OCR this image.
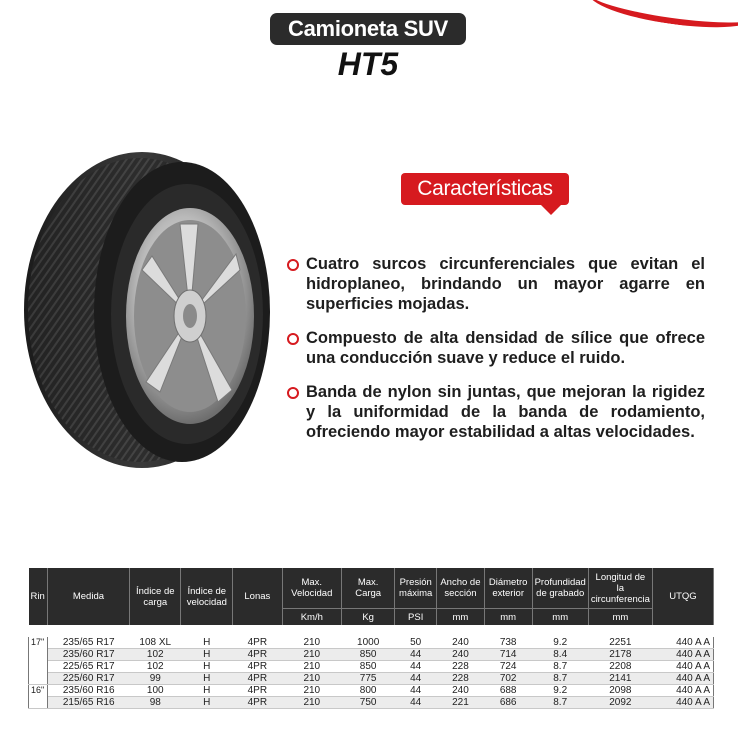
Camioneta SUV
HT5
Características
Cuatro surcos circunferenciales que evitan el hidroplaneo, brindando un mayor agarre en superficies mojadas.
Compuesto de alta densidad de sílice que ofrece una conducción suave y reduce el ruido.
Banda de nylon sin juntas, que mejoran la rigidez y la uniformidad de la banda de rodamiento, ofreciendo mayor estabilidad a altas velocidades.
Rin	Medida	Índice de carga	Índice de velocidad	Lonas	Max. Velocidad	Max. Carga	Presión máxima	Ancho de sección	Diámetro exterior	Profundidad de grabado	Longitud de la circunferencia	UTQG
					Km/h	Kg	PSI	mm	mm	mm	mm	

17"	235/65 R17	108 XL	H	4PR	210	1000	50	240	738	9.2	2251	440 A A
	235/60 R17	102	H	4PR	210	850	44	240	714	8.4	2178	440 A A
	225/65 R17	102	H	4PR	210	850	44	228	724	8.7	2208	440 A A
	225/60 R17	99	H	4PR	210	775	44	228	702	8.7	2141	440 A A
16"	235/60 R16	100	H	4PR	210	800	44	240	688	9.2	2098	440 A A
	215/65 R16	98	H	4PR	210	750	44	221	686	8.7	2092	440 A A
